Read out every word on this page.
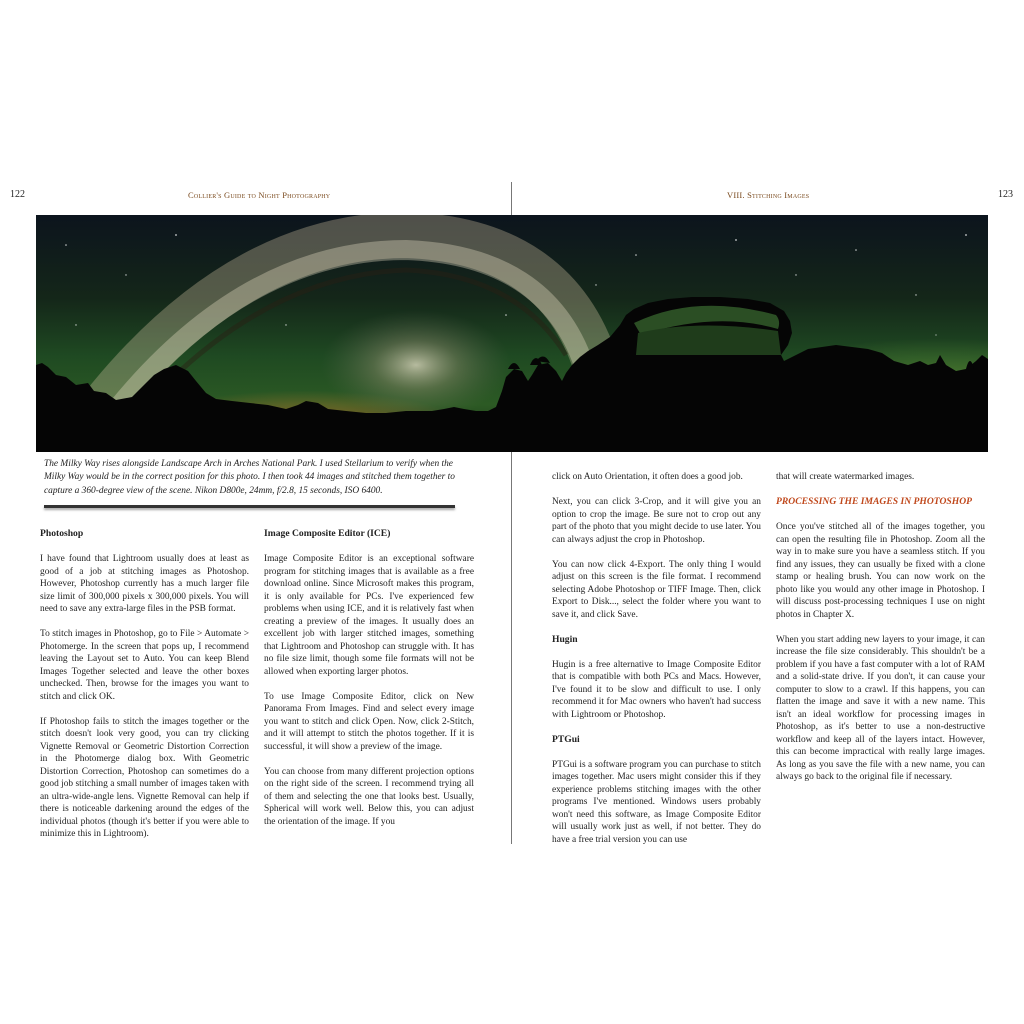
122	Collier's Guide to Night Photography	VIII. Stitching Images	123
The Milky Way rises alongside Landscape Arch in Arches National Park. I used Stellarium to verify when the Milky Way would be in the correct position for this photo. I then took 44 images and stitched them together to capture a 360-degree view of the scene. Nikon D800e, 24mm, f/2.8, 15 seconds, ISO 6400.
Photoshop

I have found that Lightroom usually does at least as good of a job at stitching images as Photoshop. However, Photoshop currently has a much larger file size limit of 300,000 pixels x 300,000 pixels. You will need to save any extra-large files in the PSB format.

To stitch images in Photoshop, go to File > Automate > Photomerge. In the screen that pops up, I recommend leaving the Layout set to Auto. You can keep Blend Images Together selected and leave the other boxes unchecked. Then, browse for the images you want to stitch and click OK.

If Photoshop fails to stitch the images together or the stitch doesn't look very good, you can try clicking Vignette Removal or Geometric Distortion Correction in the Photomerge dialog box. With Geometric Distortion Correction, Photoshop can sometimes do a good job stitching a small number of images taken with an ultra-wide-angle lens. Vignette Removal can help if there is noticeable darkening around the edges of the individual photos (though it's better if you were able to minimize this in Lightroom).

Image Composite Editor (ICE)

Image Composite Editor is an exceptional software program for stitching images that is available as a free download online. Since Microsoft makes this program, it is only available for PCs. I've experienced few problems when using ICE, and it is relatively fast when creating a preview of the images. It usually does an excellent job with larger stitched images, something that Lightroom and Photoshop can struggle with. It has no file size limit, though some file formats will not be allowed when exporting larger photos.

To use Image Composite Editor, click on New Panorama From Images. Find and select every image you want to stitch and click Open. Now, click 2-Stitch, and it will attempt to stitch the photos together. If it is successful, it will show a preview of the image.

You can choose from many different projection options on the right side of the screen. I recommend trying all of them and selecting the one that looks best. Usually, Spherical will work well. Below this, you can adjust the orientation of the image. If you

click on Auto Orientation, it often does a good job.

Next, you can click 3-Crop, and it will give you an option to crop the image. Be sure not to crop out any part of the photo that you might decide to use later. You can always adjust the crop in Photoshop.

You can now click 4-Export. The only thing I would adjust on this screen is the file format. I recommend selecting Adobe Photoshop or TIFF Image. Then, click Export to Disk..., select the folder where you want to save it, and click Save.

Hugin

Hugin is a free alternative to Image Composite Editor that is compatible with both PCs and Macs. However, I've found it to be slow and difficult to use. I only recommend it for Mac owners who haven't had success with Lightroom or Photoshop.

PTGui

PTGui is a software program you can purchase to stitch images together. Mac users might consider this if they experience problems stitching images with the other programs I've mentioned. Windows users probably won't need this software, as Image Composite Editor will usually work just as well, if not better. They do have a free trial version you can use

that will create watermarked images.

PROCESSING THE IMAGES IN PHOTOSHOP

Once you've stitched all of the images together, you can open the resulting file in Photoshop. Zoom all the way in to make sure you have a seamless stitch. If you find any issues, they can usually be fixed with a clone stamp or healing brush. You can now work on the photo like you would any other image in Photoshop. I will discuss post-processing techniques I use on night photos in Chapter X.

When you start adding new layers to your image, it can increase the file size considerably. This shouldn't be a problem if you have a fast computer with a lot of RAM and a solid-state drive. If you don't, it can cause your computer to slow to a crawl. If this happens, you can flatten the image and save it with a new name. This isn't an ideal workflow for processing images in Photoshop, as it's better to use a non-destructive workflow and keep all of the layers intact. However, this can become impractical with really large images. As long as you save the file with a new name, you can always go back to the original file if necessary.
